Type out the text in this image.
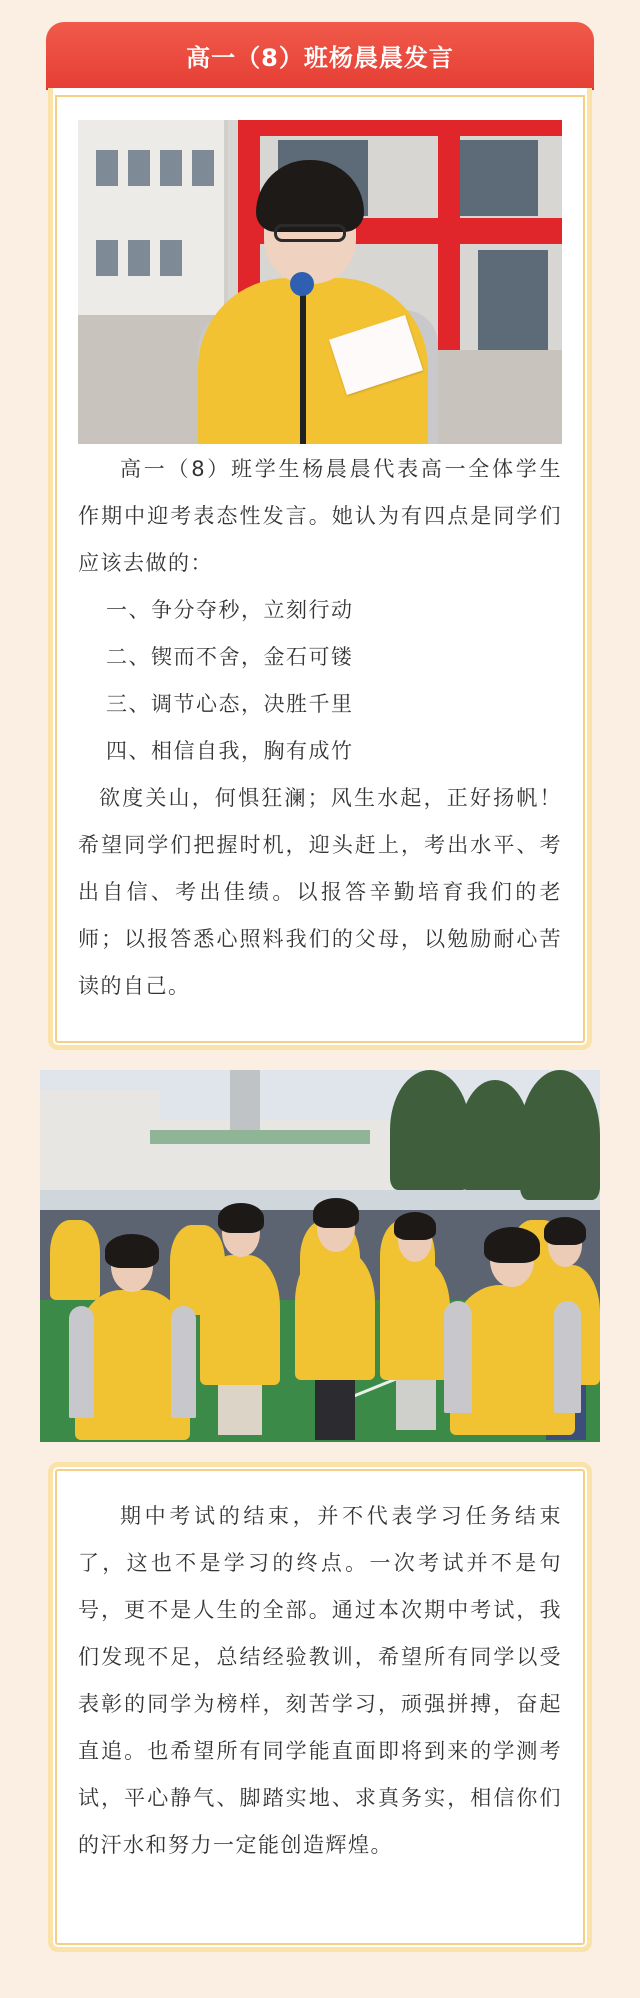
高一（8）班杨晨晨发言

高一（8）班学生杨晨晨代表高一全体学生作期中迎考表态性发言。她认为有四点是同学们应该去做的：

一、争分夺秒，立刻行动

二、锲而不舍，金石可镂

三、调节心态，决胜千里

四、相信自我，胸有成竹

欲度关山，何惧狂澜；风生水起，正好扬帆！希望同学们把握时机，迎头赶上，考出水平、考出自信、考出佳绩。以报答辛勤培育我们的老师；以报答悉心照料我们的父母，以勉励耐心苦读的自己。

期中考试的结束，并不代表学习任务结束了，这也不是学习的终点。一次考试并不是句号，更不是人生的全部。通过本次期中考试，我们发现不足，总结经验教训，希望所有同学以受表彰的同学为榜样，刻苦学习，顽强拼搏，奋起直追。也希望所有同学能直面即将到来的学测考试，平心静气、脚踏实地、求真务实，相信你们的汗水和努力一定能创造辉煌。
